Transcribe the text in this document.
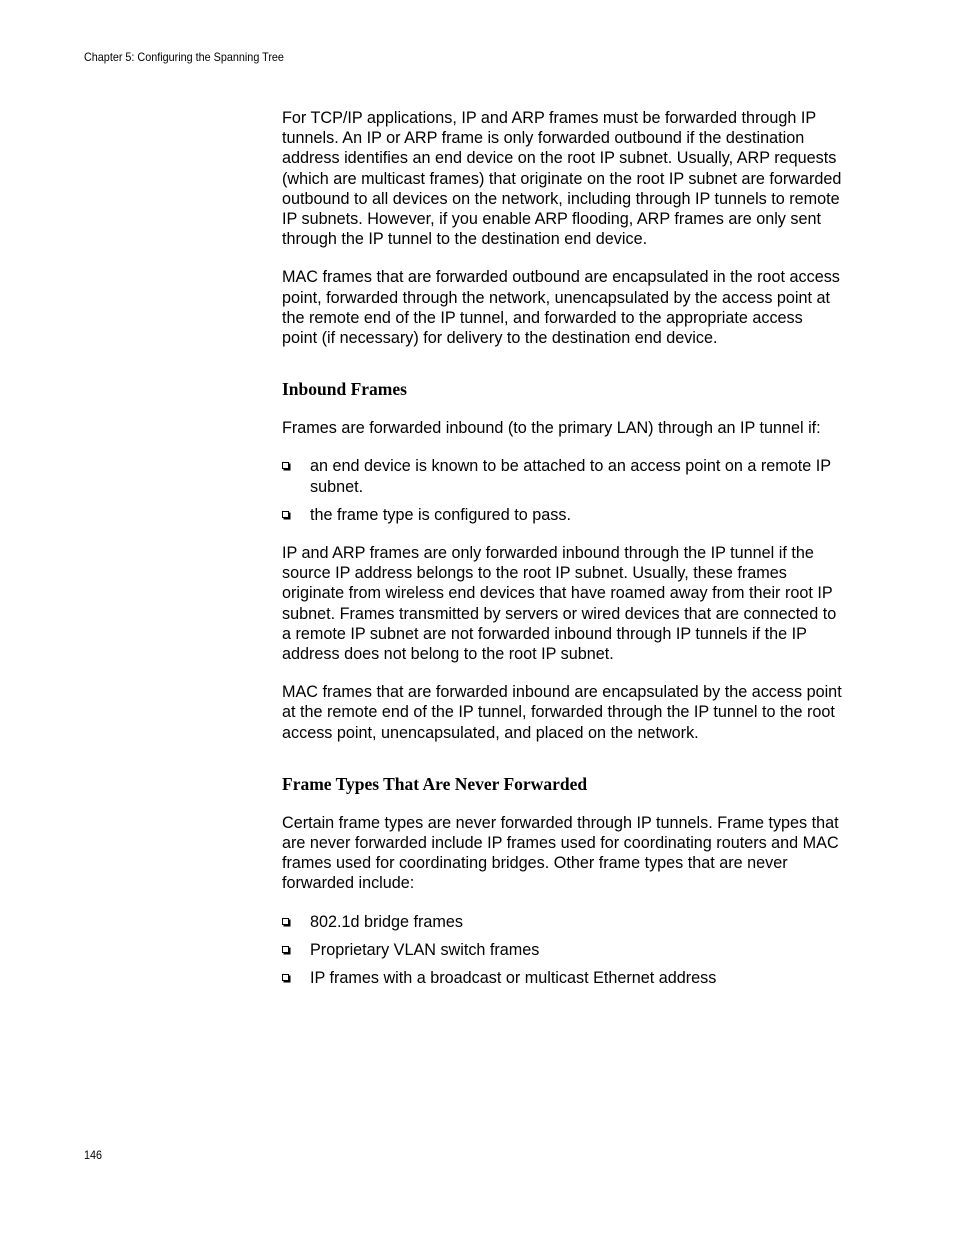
Chapter 5: Configuring the Spanning Tree

For TCP/IP applications, IP and ARP frames must be forwarded through IP tunnels. An IP or ARP frame is only forwarded outbound if the destination address identifies an end device on the root IP subnet. Usually, ARP requests (which are multicast frames) that originate on the root IP subnet are forwarded outbound to all devices on the network, including through IP tunnels to remote IP subnets. However, if you enable ARP flooding, ARP frames are only sent through the IP tunnel to the destination end device.

MAC frames that are forwarded outbound are encapsulated in the root access point, forwarded through the network, unencapsulated by the access point at the remote end of the IP tunnel, and forwarded to the appropriate access point (if necessary) for delivery to the destination end device.

Inbound Frames

Frames are forwarded inbound (to the primary LAN) through an IP tunnel if:

an end device is known to be attached to an access point on a remote IP subnet.
the frame type is configured to pass.

IP and ARP frames are only forwarded inbound through the IP tunnel if the source IP address belongs to the root IP subnet. Usually, these frames originate from wireless end devices that have roamed away from their root IP subnet. Frames transmitted by servers or wired devices that are connected to a remote IP subnet are not forwarded inbound through IP tunnels if the IP address does not belong to the root IP subnet.

MAC frames that are forwarded inbound are encapsulated by the access point at the remote end of the IP tunnel, forwarded through the IP tunnel to the root access point, unencapsulated, and placed on the network.

Frame Types That Are Never Forwarded

Certain frame types are never forwarded through IP tunnels. Frame types that are never forwarded include IP frames used for coordinating routers and MAC frames used for coordinating bridges. Other frame types that are never forwarded include:

802.1d bridge frames
Proprietary VLAN switch frames
IP frames with a broadcast or multicast Ethernet address
146
